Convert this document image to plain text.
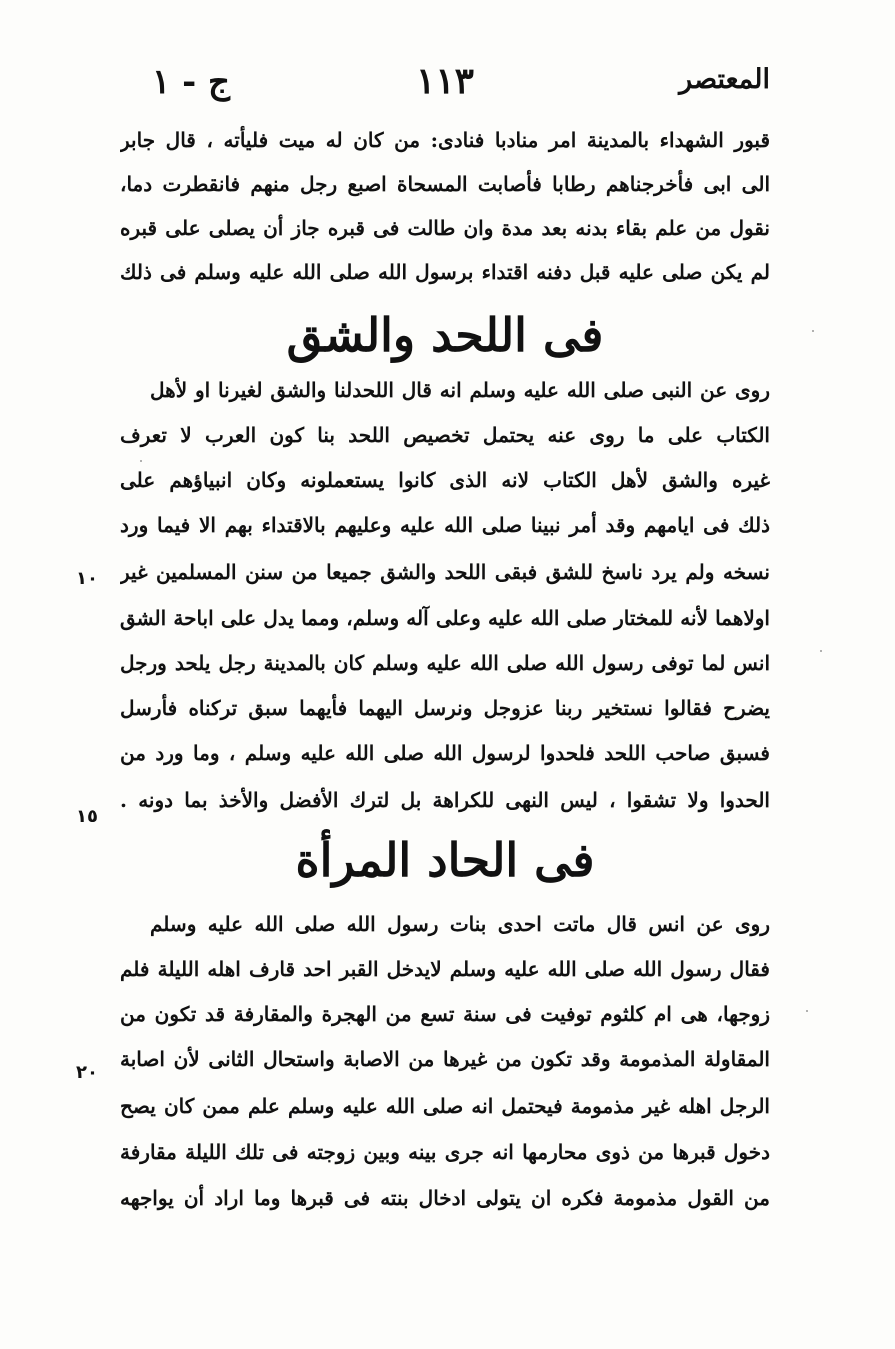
المعتصر
١١٣
ج - ١
قبور الشهداء بالمدينة امر منادبا فنادى: من كان له ميت فليأته ، قال جابر
الى ابى فأخرجناهم رطابا فأصابت المسحاة اصبع رجل منهم فانقطرت دما،
نقول من علم بقاء بدنه بعد مدة وان طالت فى قبره جاز أن يصلى على قبره
لم يكن صلى عليه قبل دفنه اقتداء برسول الله صلى الله عليه وسلم فى ذلك
فى اللحد والشق
روى عن النبى صلى الله عليه وسلم انه قال اللحدلنا والشق لغيرنا او لأهل
الكتاب على ما روى عنه يحتمل تخصيص اللحد بنا كون العرب لا تعرف
غيره والشق لأهل الكتاب لانه الذى كانوا يستعملونه وكان انبياؤهم على
ذلك فى ايامهم وقد أمر نبينا صلى الله عليه وعليهم بالاقتداء بهم الا فيما ورد
نسخه ولم يرد ناسخ للشق فبقى اللحد والشق جميعا من سنن المسلمين غير
اولاهما لأنه للمختار صلى الله عليه وعلى آله وسلم، ومما يدل على اباحة الشق
انس لما توفى رسول الله صلى الله عليه وسلم كان بالمدينة رجل يلحد ورجل
يضرح فقالوا نستخير ربنا عزوجل ونرسل اليهما فأيهما سبق تركناه فأرسل
فسبق صاحب اللحد فلحدوا لرسول الله صلى الله عليه وسلم ، وما ورد من
الحدوا ولا تشقوا ، ليس النهى للكراهة بل لترك الأفضل والأخذ بما دونه .
فى الحاد المرأة
روى عن انس قال ماتت احدى بنات رسول الله صلى الله عليه وسلم
فقال رسول الله صلى الله عليه وسلم لايدخل القبر احد قارف اهله الليلة فلم
زوجها، هى ام كلثوم توفيت فى سنة تسع من الهجرة والمقارفة قد تكون من
المقاولة المذمومة وقد تكون من غيرها من الاصابة واستحال الثانى لأن اصابة
الرجل اهله غير مذمومة فيحتمل انه صلى الله عليه وسلم علم ممن كان يصح
دخول قبرها من ذوى محارمها انه جرى بينه وبين زوجته فى تلك الليلة مقارفة
من القول مذمومة فكره ان يتولى ادخال بنته فى قبرها وما اراد أن يواجهه
١٠
١٥
٢٠
